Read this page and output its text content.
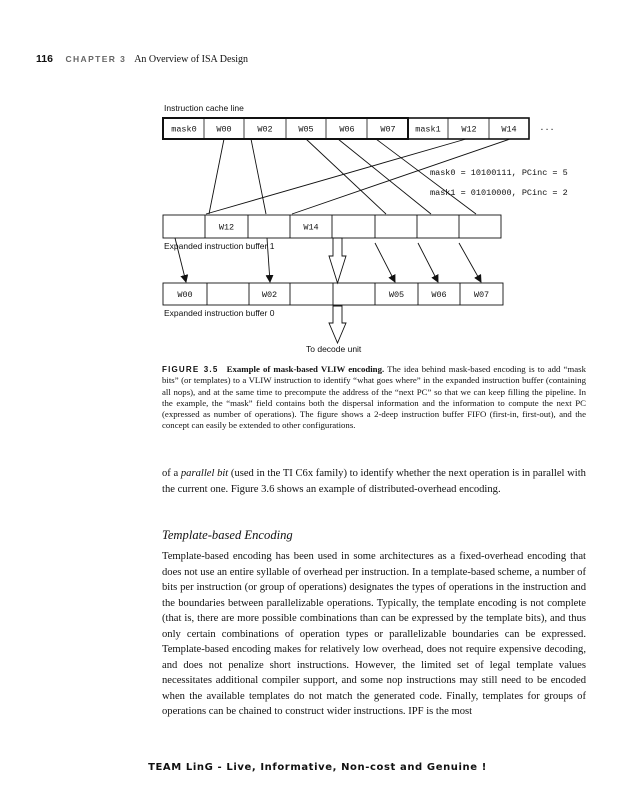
116 CHAPTER 3 An Overview of ISA Design
Instruction cache line
mask0 W00	W02	W05	W06	W07 mask1 W12	W14	···
mask0 = 10100111, PCinc = 5
mask1 = 01010000, PCinc = 2
W12	W14
Expanded instruction buffer 1
W00	W02	W05	W06	W07
Expanded instruction buffer 0
To decode unit
FIGURE 3.5 Example of mask-based VLIW encoding. The idea behind mask-based encoding is to add “mask bits” (or templates) to a VLIW instruction to identify “what goes where” in the expanded instruction buffer (containing all nops), and at the same time to precompute the address of the “next PC” so that we can keep filling the pipeline. In the example, the “mask” field contains both the dispersal information and the information to compute the next PC (expressed as number of operations). The figure shows a 2-deep instruction buffer FIFO (first-in, first-out), and the concept can easily be extended to other configurations.
of a parallel bit (used in the TI C6x family) to identify whether the next operation is in parallel with the current one. Figure 3.6 shows an example of distributed-overhead encoding.
Template-based Encoding
Template-based encoding has been used in some architectures as a fixed-overhead encoding that does not use an entire syllable of overhead per instruction. In a template-based scheme, a number of bits per instruction (or group of operations) designates the types of operations in the instruction and the boundaries between parallelizable operations. Typically, the template encoding is not complete (that is, there are more possible combinations than can be expressed by the template bits), and thus only certain combinations of operation types or parallelizable boundaries can be expressed. Template-based encoding makes for relatively low overhead, does not require expensive decoding, and does not penalize short instructions. However, the limited set of legal template values necessitates additional compiler support, and some nop instructions may still need to be encoded when the available templates do not match the generated code. Finally, templates for groups of operations can be chained to construct wider instructions. IPF is the most
TEAM LinG - Live, Informative, Non-cost and Genuine !
